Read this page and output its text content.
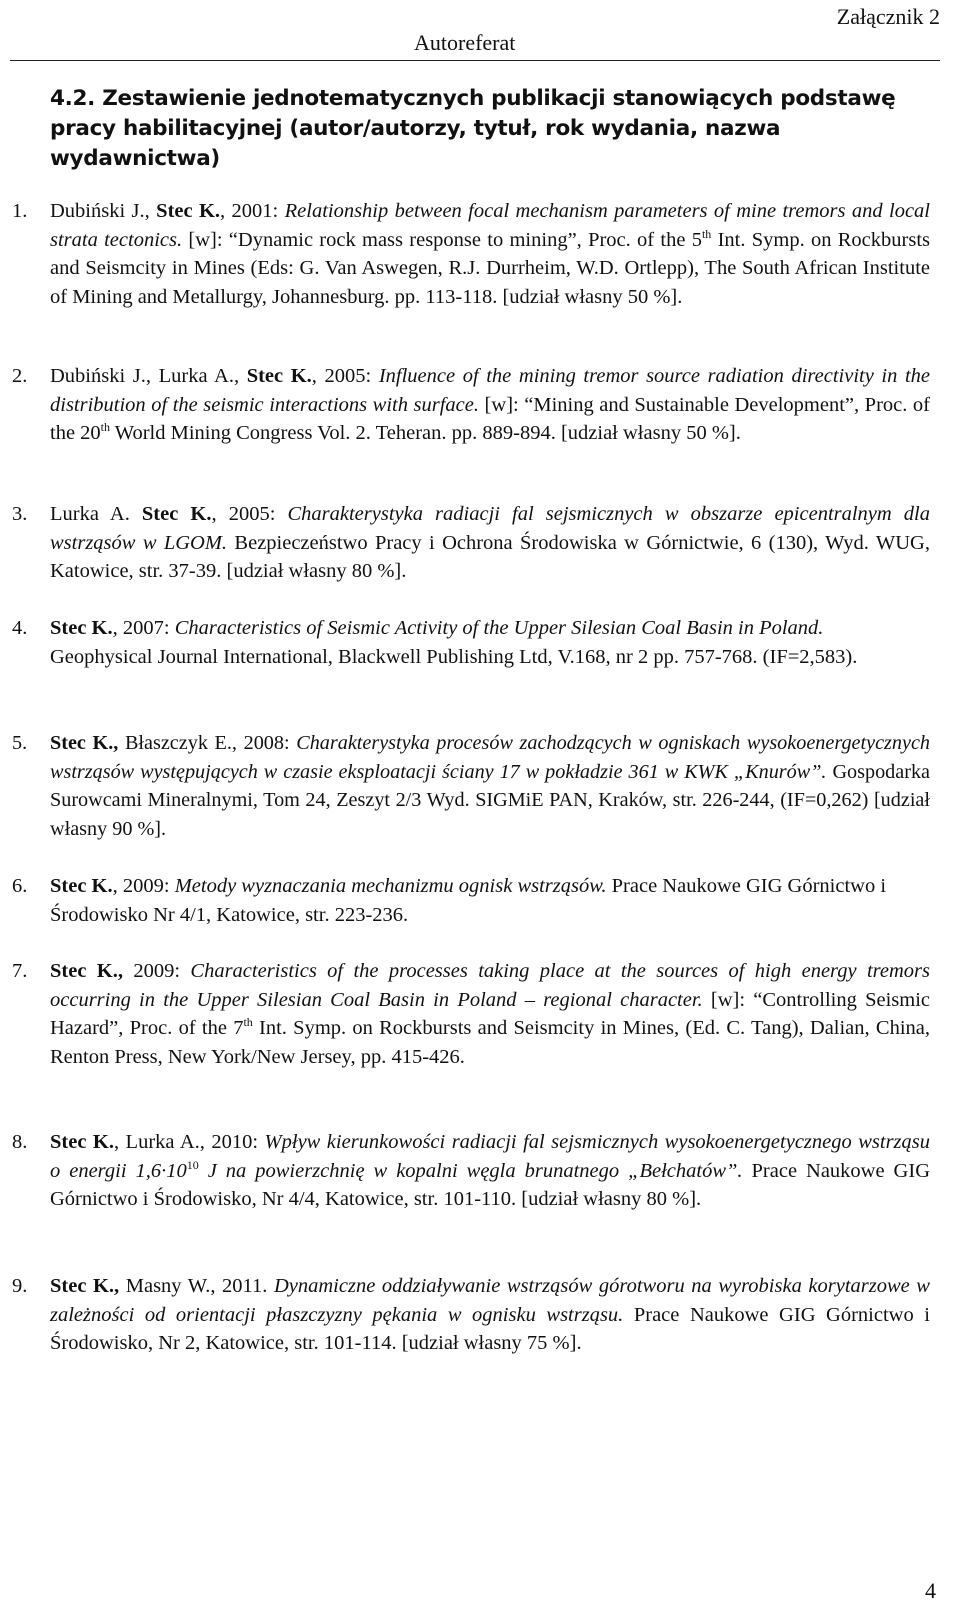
Załącznik 2
Autoreferat
4.2. Zestawienie jednotematycznych publikacji stanowiących podstawę pracy habilitacyjnej (autor/autorzy, tytuł, rok wydania, nazwa wydawnictwa)
1. Dubiński J., Stec K., 2001: Relationship between focal mechanism parameters of mine tremors and local strata tectonics. [w]: “Dynamic rock mass response to mining”, Proc. of the 5th Int. Symp. on Rockbursts and Seismcity in Mines (Eds: G. Van Aswegen, R.J. Durrheim, W.D. Ortlepp), The South African Institute of Mining and Metallurgy, Johannesburg. pp. 113-118. [udział własny 50 %].
2. Dubiński J., Lurka A., Stec K., 2005: Influence of the mining tremor source radiation directivity in the distribution of the seismic interactions with surface. [w]: “Mining and Sustainable Development”, Proc. of the 20th World Mining Congress Vol. 2. Teheran. pp. 889-894. [udział własny 50 %].
3. Lurka A. Stec K., 2005: Charakterystyka radiacji fal sejsmicznych w obszarze epicentralnym dla wstrząsów w LGOM. Bezpieczeństwo Pracy i Ochrona Środowiska w Górnictwie, 6 (130), Wyd. WUG, Katowice, str. 37-39. [udział własny 80 %].
4. Stec K., 2007: Characteristics of Seismic Activity of the Upper Silesian Coal Basin in Poland. Geophysical Journal International, Blackwell Publishing Ltd, V.168, nr 2 pp. 757-768. (IF=2,583).
5. Stec K., Błaszczyk E., 2008: Charakterystyka procesów zachodzących w ogniskach wysokoenergetycznych wstrząsów występujących w czasie eksploatacji ściany 17 w pokładzie 361 w KWK „Knurów”. Gospodarka Surowcami Mineralnymi, Tom 24, Zeszyt 2/3 Wyd. SIGMiE PAN, Kraków, str. 226-244, (IF=0,262) [udział własny 90 %].
6. Stec K., 2009: Metody wyznaczania mechanizmu ognisk wstrząsów. Prace Naukowe GIG Górnictwo i Środowisko Nr 4/1, Katowice, str. 223-236.
7. Stec K., 2009: Characteristics of the processes taking place at the sources of high energy tremors occurring in the Upper Silesian Coal Basin in Poland – regional character. [w]: “Controlling Seismic Hazard”, Proc. of the 7th Int. Symp. on Rockbursts and Seismcity in Mines, (Ed. C. Tang), Dalian, China, Renton Press, New York/New Jersey, pp. 415-426.
8. Stec K., Lurka A., 2010: Wpływ kierunkowości radiacji fal sejsmicznych wysokoenergetycznego wstrząsu o energii $1,6\cdot 10^{10}$ J na powierzchnię w kopalni węgla brunatnego „Bełchatów”. Prace Naukowe GIG Górnictwo i Środowisko, Nr 4/4, Katowice, str. 101-110. [udział własny 80 %].
9. Stec K., Masny W., 2011. Dynamiczne oddziaływanie wstrząsów górotworu na wyrobiska korytarzowe w zależności od orientacji płaszczyzny pękania w ognisku wstrząsu. Prace Naukowe GIG Górnictwo i Środowisko, Nr 2, Katowice, str. 101-114. [udział własny 75 %].
4
